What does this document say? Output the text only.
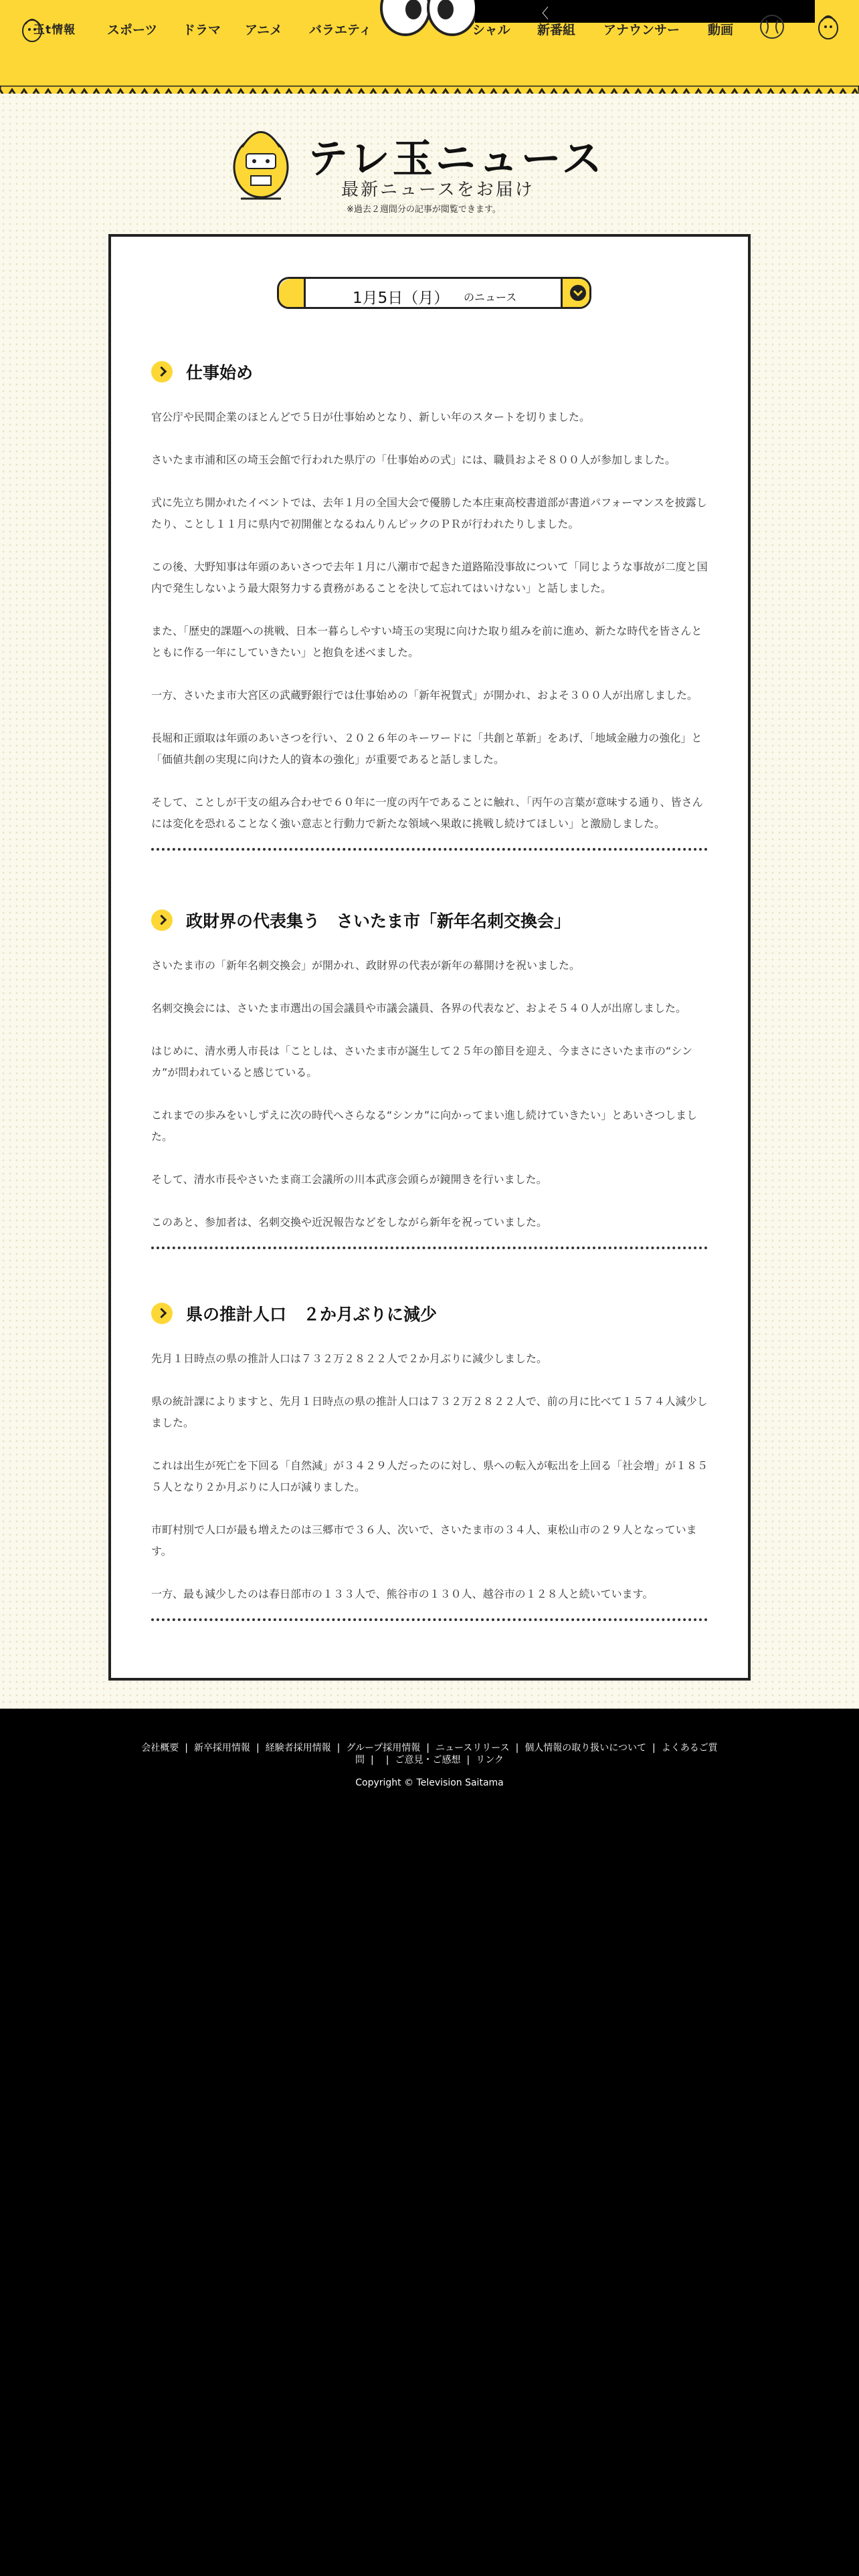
玉t情報 スポーツ ドラマ アニメ バラエティ
〈
シャル 新番組 アナウンサー 動画
テレ玉ニュース
最新ニュースをお届け
※過去２週間分の記事が閲覧できます。
1月5日（月） のニュース
仕事始め

官公庁や民間企業のほとんどで５日が仕事始めとなり、新しい年のスタートを切りました。

さいたま市浦和区の埼玉会館で行われた県庁の「仕事始めの式」には、職員およそ８００人が参加しました。

式に先立ち開かれたイベントでは、去年１月の全国大会で優勝した本庄東高校書道部が書道パフォーマンスを披露したり、ことし１１月に県内で初開催となるねんりんピックのＰＲが行われたりしました。

この後、大野知事は年頭のあいさつで去年１月に八潮市で起きた道路陥没事故について「同じような事故が二度と国内で発生しないよう最大限努力する責務があることを決して忘れてはいけない」と話しました。

また、「歴史的課題への挑戦、日本一暮らしやすい埼玉の実現に向けた取り組みを前に進め、新たな時代を皆さんとともに作る一年にしていきたい」と抱負を述べました。

一方、さいたま市大宮区の武蔵野銀行では仕事始めの「新年祝賀式」が開かれ、およそ３００人が出席しました。

長堀和正頭取は年頭のあいさつを行い、２０２６年のキーワードに「共創と革新」をあげ、「地域金融力の強化」と「価値共創の実現に向けた人的資本の強化」が重要であると話しました。

そして、ことしが干支の組み合わせで６０年に一度の丙午であることに触れ、「丙午の言葉が意味する通り、皆さんには変化を恐れることなく強い意志と行動力で新たな領域へ果敢に挑戦し続けてほしい」と激励しました。

政財界の代表集う　さいたま市「新年名刺交換会」

さいたま市の「新年名刺交換会」が開かれ、政財界の代表が新年の幕開けを祝いました。

名刺交換会には、さいたま市選出の国会議員や市議会議員、各界の代表など、およそ５４０人が出席しました。

はじめに、清水勇人市長は「ことしは、さいたま市が誕生して２５年の節目を迎え、今まさにさいたま市の“シンカ”が問われていると感じている。

これまでの歩みをいしずえに次の時代へさらなる“シンカ”に向かってまい進し続けていきたい」とあいさつしました。

そして、清水市長やさいたま商工会議所の川本武彦会頭らが鏡開きを行いました。

このあと、参加者は、名刺交換や近況報告などをしながら新年を祝っていました。

県の推計人口　２か月ぶりに減少

先月１日時点の県の推計人口は７３２万２８２２人で２か月ぶりに減少しました。

県の統計課によりますと、先月１日時点の県の推計人口は７３２万２８２２人で、前の月に比べて１５７４人減少しました。

これは出生が死亡を下回る「自然減」が３４２９人だったのに対し、県への転入が転出を上回る「社会増」が１８５５人となり２か月ぶりに人口が減りました。

市町村別で人口が最も増えたのは三郷市で３６人、次いで、さいたま市の３４人、東松山市の２９人となっています。

一方、最も減少したのは春日部市の１３３人で、熊谷市の１３０人、越谷市の１２８人と続いています。

会社概要 | 新卒採用情報 | 経験者採用情報 | グループ採用情報 | ニュースリリース | 個人情報の取り扱いについて | よくあるご質問 | | ご意見・ご感想 | リンク
Copyright © Television Saitama
